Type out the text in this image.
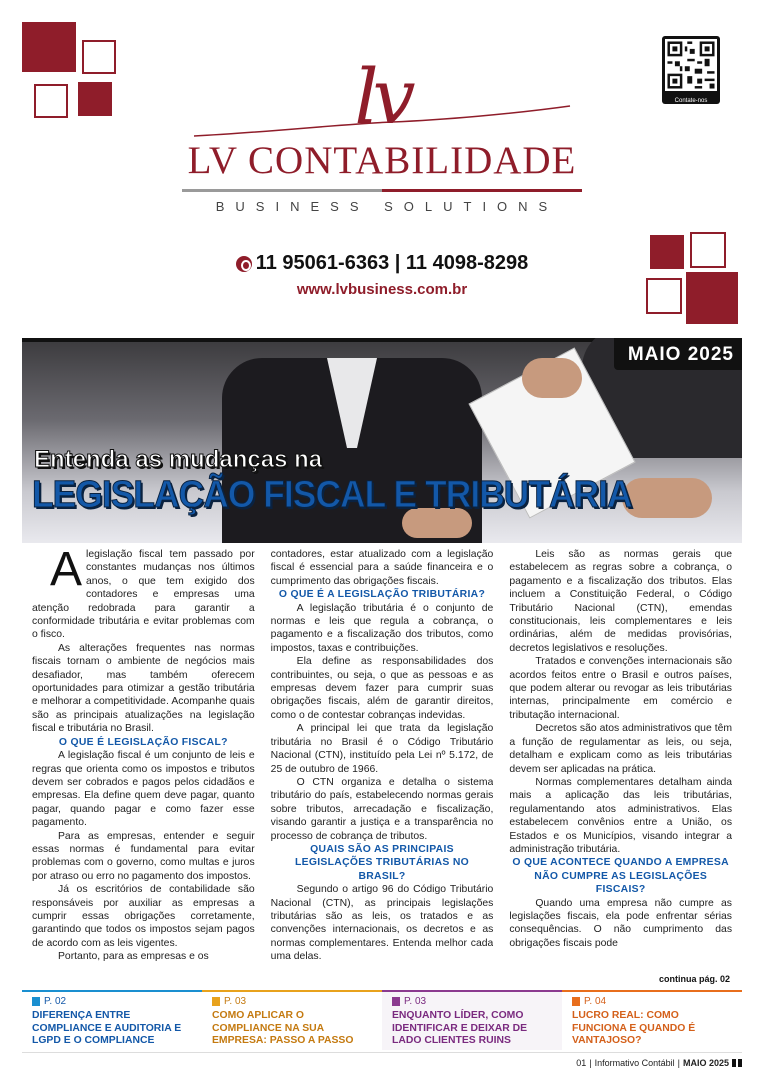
Contate-nos
lv
LV CONTABILIDADE
BUSINESS SOLUTIONS
11 95061-6363 | 11 4098-8298
www.lvbusiness.com.br
MAIO 2025
Entenda as mudanças na
LEGISLAÇÃO FISCAL E TRIBUTÁRIA
A legislação fiscal tem passado por constantes mudanças nos últimos anos, o que tem exigido dos contadores e empresas uma atenção redobrada para garantir a conformidade tributária e evitar problemas com o fisco.

As alterações frequentes nas normas fiscais tornam o ambiente de negócios mais desafiador, mas também oferecem oportunidades para otimizar a gestão tributária e melhorar a competitividade. Acompanhe quais são as principais atualizações na legislação fiscal e tributária no Brasil.

O QUE É LEGISLAÇÃO FISCAL?

A legislação fiscal é um conjunto de leis e regras que orienta como os impostos e tributos devem ser cobrados e pagos pelos cidadãos e empresas. Ela define quem deve pagar, quanto pagar, quando pagar e como fazer esse pagamento.

Para as empresas, entender e seguir essas normas é fundamental para evitar problemas com o governo, como multas e juros por atraso ou erro no pagamento dos impostos.

Já os escritórios de contabilidade são responsáveis por auxiliar as empresas a cumprir essas obrigações corretamente, garantindo que todos os impostos sejam pagos de acordo com as leis vigentes.

Portanto, para as empresas e os

contadores, estar atualizado com a legislação fiscal é essencial para a saúde financeira e o cumprimento das obrigações fiscais.

O QUE É A LEGISLAÇÃO TRIBUTÁRIA?

A legislação tributária é o conjunto de normas e leis que regula a cobrança, o pagamento e a fiscalização dos tributos, como impostos, taxas e contribuições.

Ela define as responsabilidades dos contribuintes, ou seja, o que as pessoas e as empresas devem fazer para cumprir suas obrigações fiscais, além de garantir direitos, como o de contestar cobranças indevidas.

A principal lei que trata da legislação tributária no Brasil é o Código Tributário Nacional (CTN), instituído pela Lei nº 5.172, de 25 de outubro de 1966.

O CTN organiza e detalha o sistema tributário do país, estabelecendo normas gerais sobre tributos, arrecadação e fiscalização, visando garantir a justiça e a transparência no processo de cobrança de tributos.

QUAIS SÃO AS PRINCIPAIS LEGISLAÇÕES TRIBUTÁRIAS NO BRASIL?

Segundo o artigo 96 do Código Tributário Nacional (CTN), as principais legislações tributárias são as leis, os tratados e as convenções internacionais, os decretos e as normas complementares. Entenda melhor cada uma delas.

Leis são as normas gerais que estabelecem as regras sobre a cobrança, o pagamento e a fiscalização dos tributos. Elas incluem a Constituição Federal, o Código Tributário Nacional (CTN), emendas constitucionais, leis complementares e leis ordinárias, além de medidas provisórias, decretos legislativos e resoluções.

Tratados e convenções internacionais são acordos feitos entre o Brasil e outros países, que podem alterar ou revogar as leis tributárias internas, principalmente em comércio e tributação internacional.

Decretos são atos administrativos que têm a função de regulamentar as leis, ou seja, detalham e explicam como as leis tributárias devem ser aplicadas na prática.

Normas complementares detalham ainda mais a aplicação das leis tributárias, regulamentando atos administrativos. Elas estabelecem convênios entre a União, os Estados e os Municípios, visando integrar a administração tributária.

O QUE ACONTECE QUANDO A EMPRESA NÃO CUMPRE AS LEGISLAÇÕES FISCAIS?

Quando uma empresa não cumpre as legislações fiscais, ela pode enfrentar sérias consequências. O não cumprimento das obrigações fiscais pode

continua pág. 02
P. 02
DIFERENÇA ENTRE COMPLIANCE E AUDITORIA E LGPD E O COMPLIANCE
P. 03
COMO APLICAR O COMPLIANCE NA SUA EMPRESA: PASSO A PASSO
P. 03
ENQUANTO LÍDER, COMO IDENTIFICAR E DEIXAR DE LADO CLIENTES RUINS
P. 04
LUCRO REAL: COMO FUNCIONA E QUANDO É VANTAJOSO?
01 | Informativo Contábil | MAIO 2025
